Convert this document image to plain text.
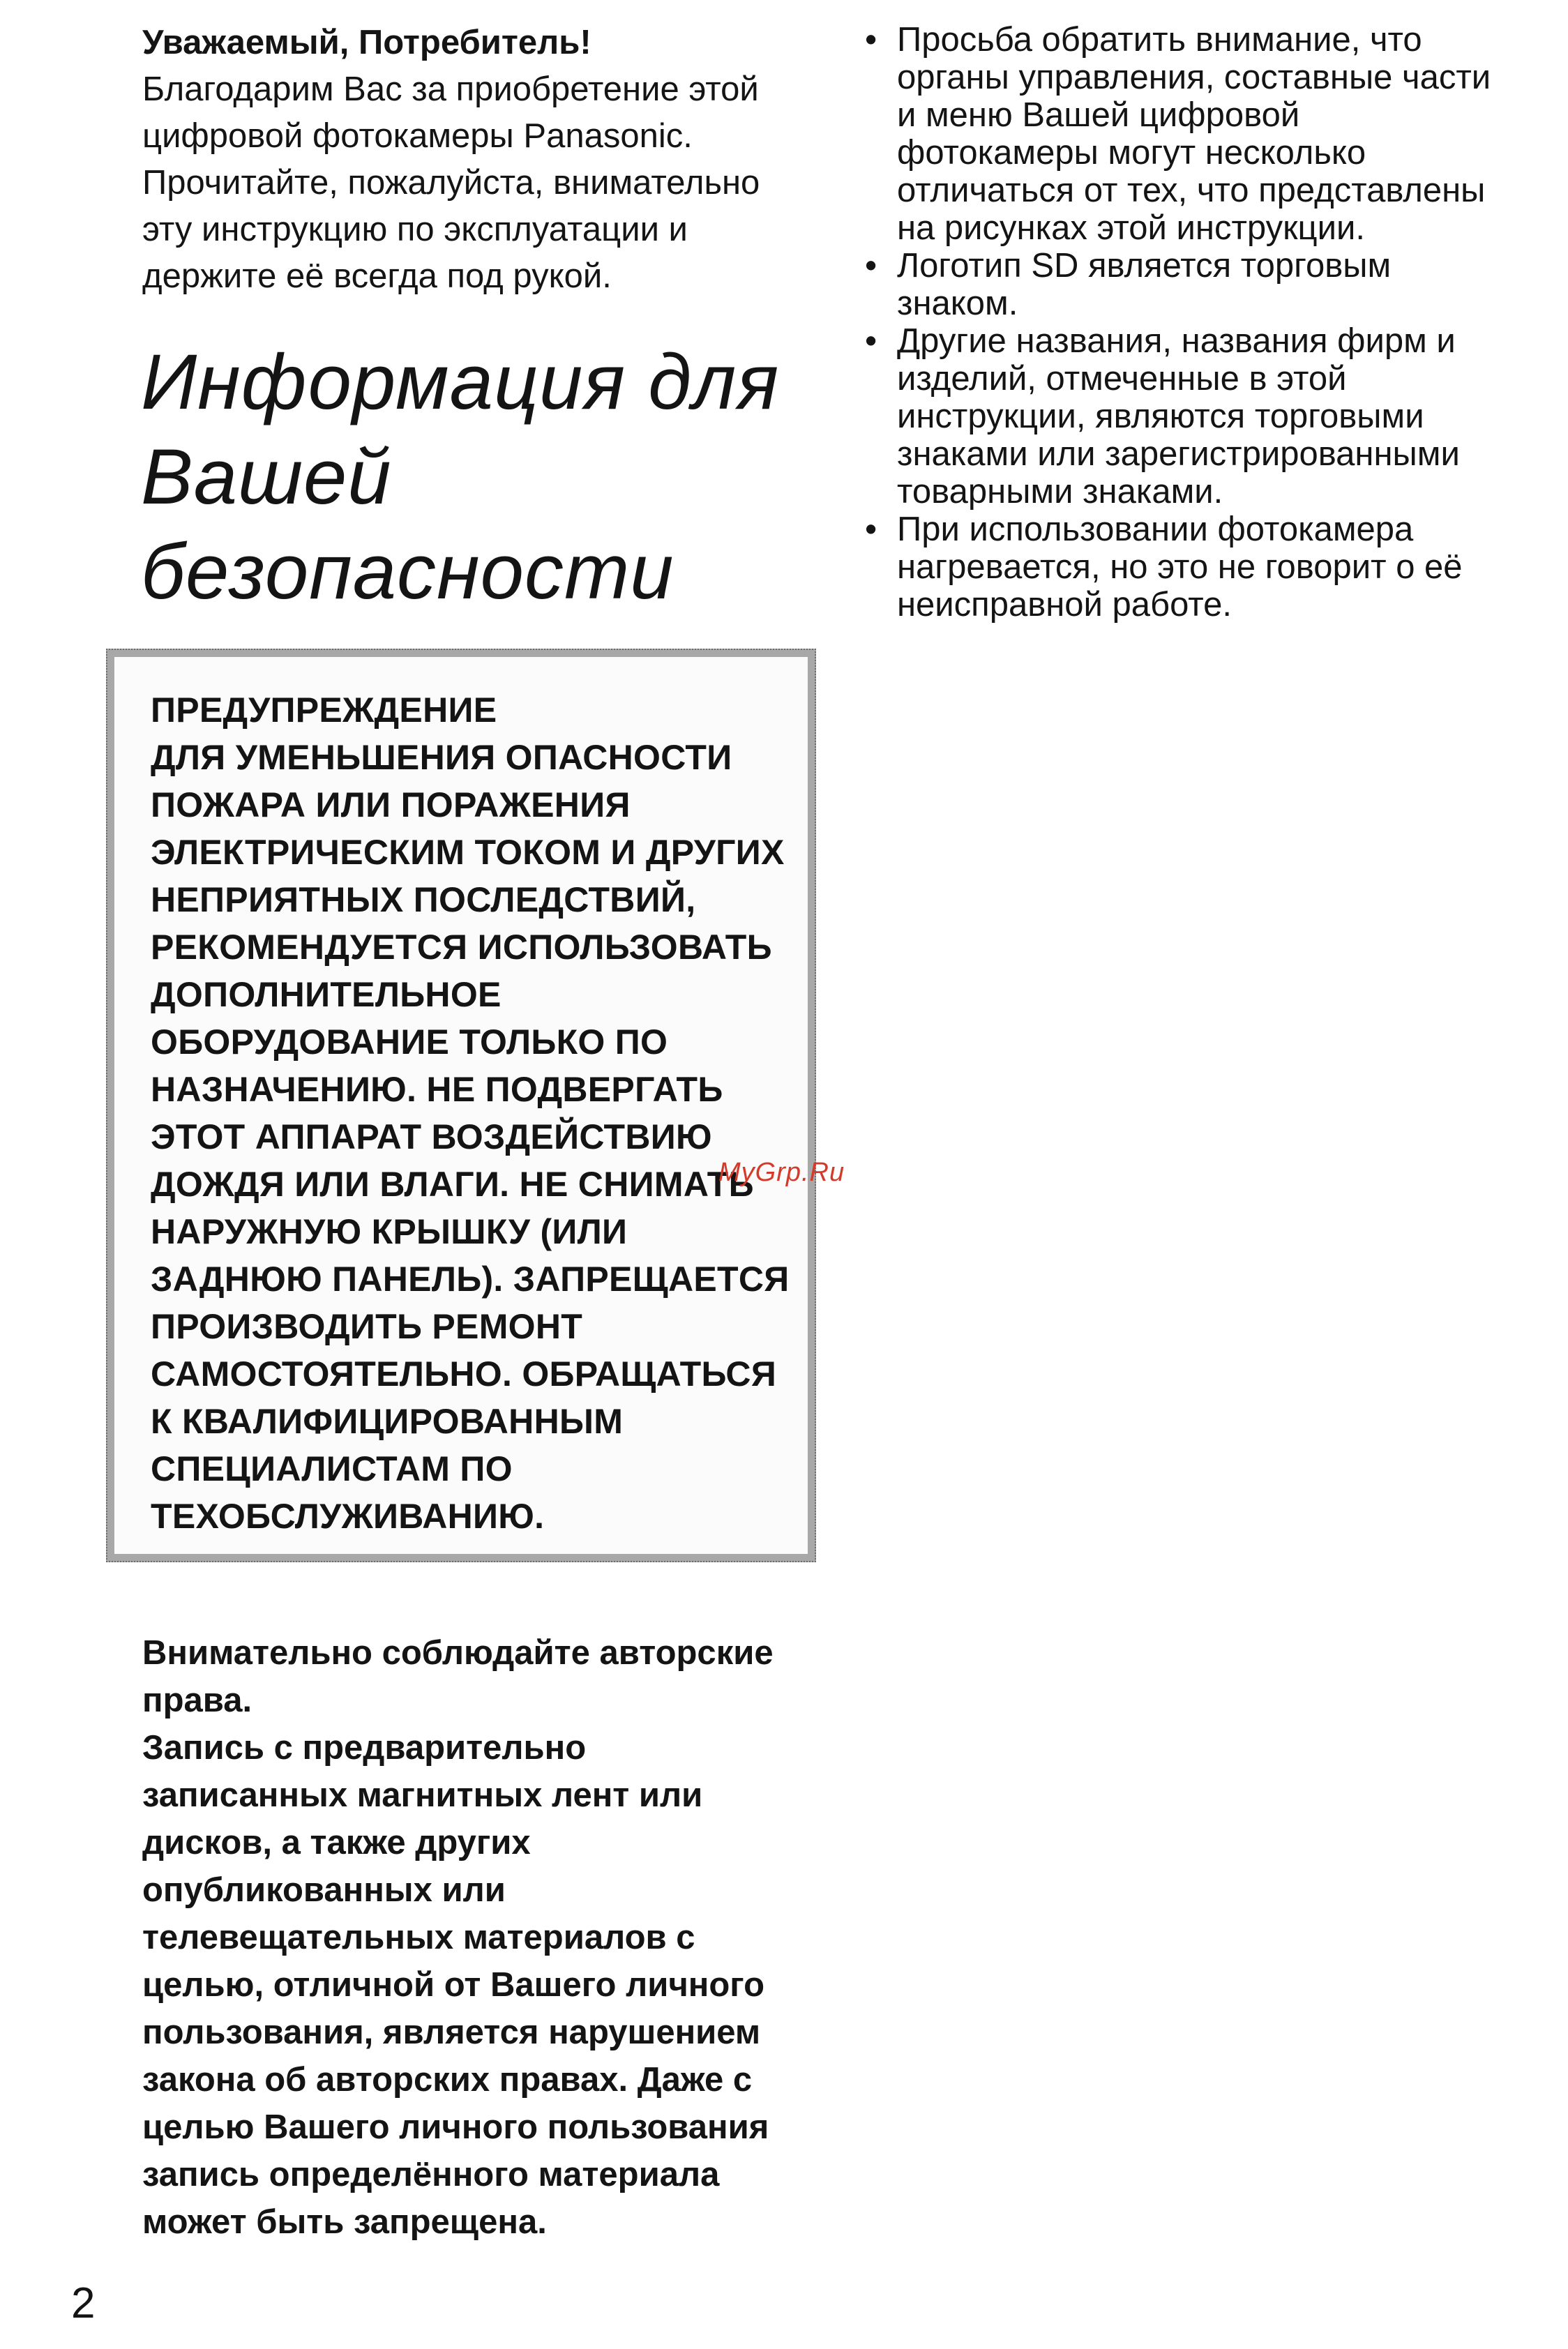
Уважаемый, Потребитель!

Благодарим Вас за приобретение этой
цифровой фотокамеры Panasonic.
Прочитайте, пожалуйста, внимательно
эту инструкцию по эксплуатации и
держите её всегда под рукой.

Информация для
Вашей
безопасности
ПРЕДУПРЕЖДЕНИЕ
ДЛЯ УМЕНЬШЕНИЯ ОПАСНОСТИ
ПОЖАРА ИЛИ ПОРАЖЕНИЯ
ЭЛЕКТРИЧЕСКИМ ТОКОМ И ДРУГИХ
НЕПРИЯТНЫХ ПОСЛЕДСТВИЙ,
РЕКОМЕНДУЕТСЯ ИСПОЛЬЗОВАТЬ
ДОПОЛНИТЕЛЬНОЕ
ОБОРУДОВАНИЕ ТОЛЬКО ПО
НАЗНАЧЕНИЮ. НЕ ПОДВЕРГАТЬ
ЭТОТ АППАРАТ ВОЗДЕЙСТВИЮ
ДОЖДЯ ИЛИ ВЛАГИ. НЕ СНИМАТЬ
НАРУЖНУЮ КРЫШКУ (ИЛИ
ЗАДНЮЮ ПАНЕЛЬ). ЗАПРЕЩАЕТСЯ
ПРОИЗВОДИТЬ РЕМОНТ
САМОСТОЯТЕЛЬНО. ОБРАЩАТЬСЯ
К КВАЛИФИЦИРОВАННЫМ
СПЕЦИАЛИСТАМ ПО
ТЕХОБСЛУЖИВАНИЮ.
MyGrp.Ru
Внимательно соблюдайте авторские
права.
Запись с предварительно
записанных магнитных лент или
дисков, а также других
опубликованных или
телевещательных материалов с
целью, отличной от Вашего личного
пользования, является нарушением
закона об авторских правах. Даже с
целью Вашего личного пользования
запись определённого материала
может быть запрещена.
• Просьба обратить внимание, что
органы управления, составные части
и меню Вашей цифровой
фотокамеры могут несколько
отличаться от тех, что представлены
на рисунках этой инструкции.
• Логотип SD является торговым
знаком.
• Другие названия, названия фирм и
изделий, отмеченные в этой
инструкции, являются торговыми
знаками или зарегистрированными
товарными знаками.
• При использовании фотокамера
нагревается, но это не говорит о её
неисправной работе.
2
